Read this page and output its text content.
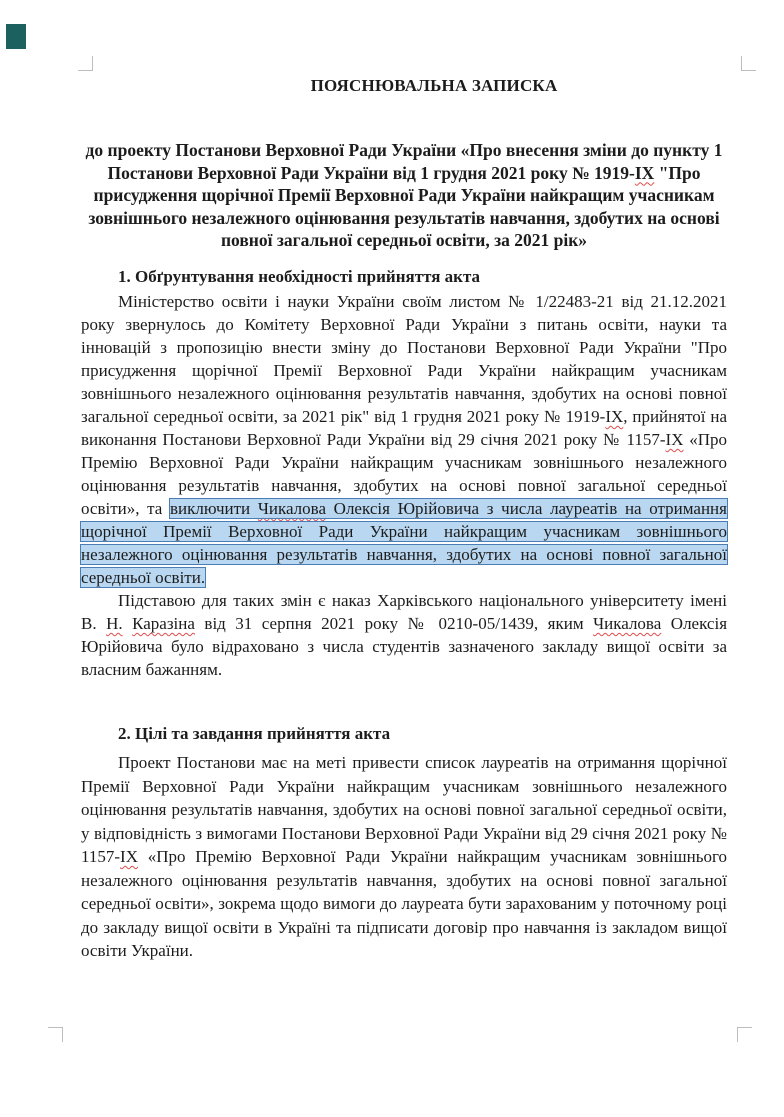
ПОЯСНЮВАЛЬНА ЗАПИСКА
до проекту Постанови Верховної Ради України «Про внесення зміни до пункту 1 Постанови Верховної Ради України від 1 грудня 2021 року № 1919-ІХ "Про присудження щорічної Премії Верховної Ради України найкращим учасникам зовнішнього незалежного оцінювання результатів навчання, здобутих на основі повної загальної середньої освіти, за 2021 рік»
1. Обґрунтування необхідності прийняття акта
Міністерство освіти і науки України своїм листом № 1/22483-21 від 21.12.2021 року звернулось до Комітету Верховної Ради України з питань освіти, науки та інновацій з пропозицію внести зміну до Постанови Верховної Ради України "Про присудження щорічної Премії Верховної Ради України найкращим учасникам зовнішнього незалежного оцінювання результатів навчання, здобутих на основі повної загальної середньої освіти, за 2021 рік" від 1 грудня 2021 року № 1919-ІХ, прийнятої на виконання Постанови Верховної Ради України від 29 січня 2021 року № 1157-ІХ «Про Премію Верховної Ради України найкращим учасникам зовнішнього незалежного оцінювання результатів навчання, здобутих на основі повної загальної середньої освіти», та виключити Чикалова Олексія Юрійовича з числа лауреатів на отримання щорічної Премії Верховної Ради України найкращим учасникам зовнішнього незалежного оцінювання результатів навчання, здобутих на основі повної загальної середньої освіти.
Підставою для таких змін є наказ Харківського національного університету імені В. Н. Каразіна від 31 серпня 2021 року № 0210-05/1439, яким Чикалова Олексія Юрійовича було відраховано з числа студентів зазначеного закладу вищої освіти за власним бажанням.
2. Цілі та завдання прийняття акта
Проект Постанови має на меті привести список лауреатів на отримання щорічної Премії Верховної Ради України найкращим учасникам зовнішнього незалежного оцінювання результатів навчання, здобутих на основі повної загальної середньої освіти, у відповідність з вимогами Постанови Верховної Ради України від 29 січня 2021 року № 1157-ІХ «Про Премію Верховної Ради України найкращим учасникам зовнішнього незалежного оцінювання результатів навчання, здобутих на основі повної загальної середньої освіти», зокрема щодо вимоги до лауреата бути зарахованим у поточному році до закладу вищої освіти в Україні та підписати договір про навчання із закладом вищої освіти України.
